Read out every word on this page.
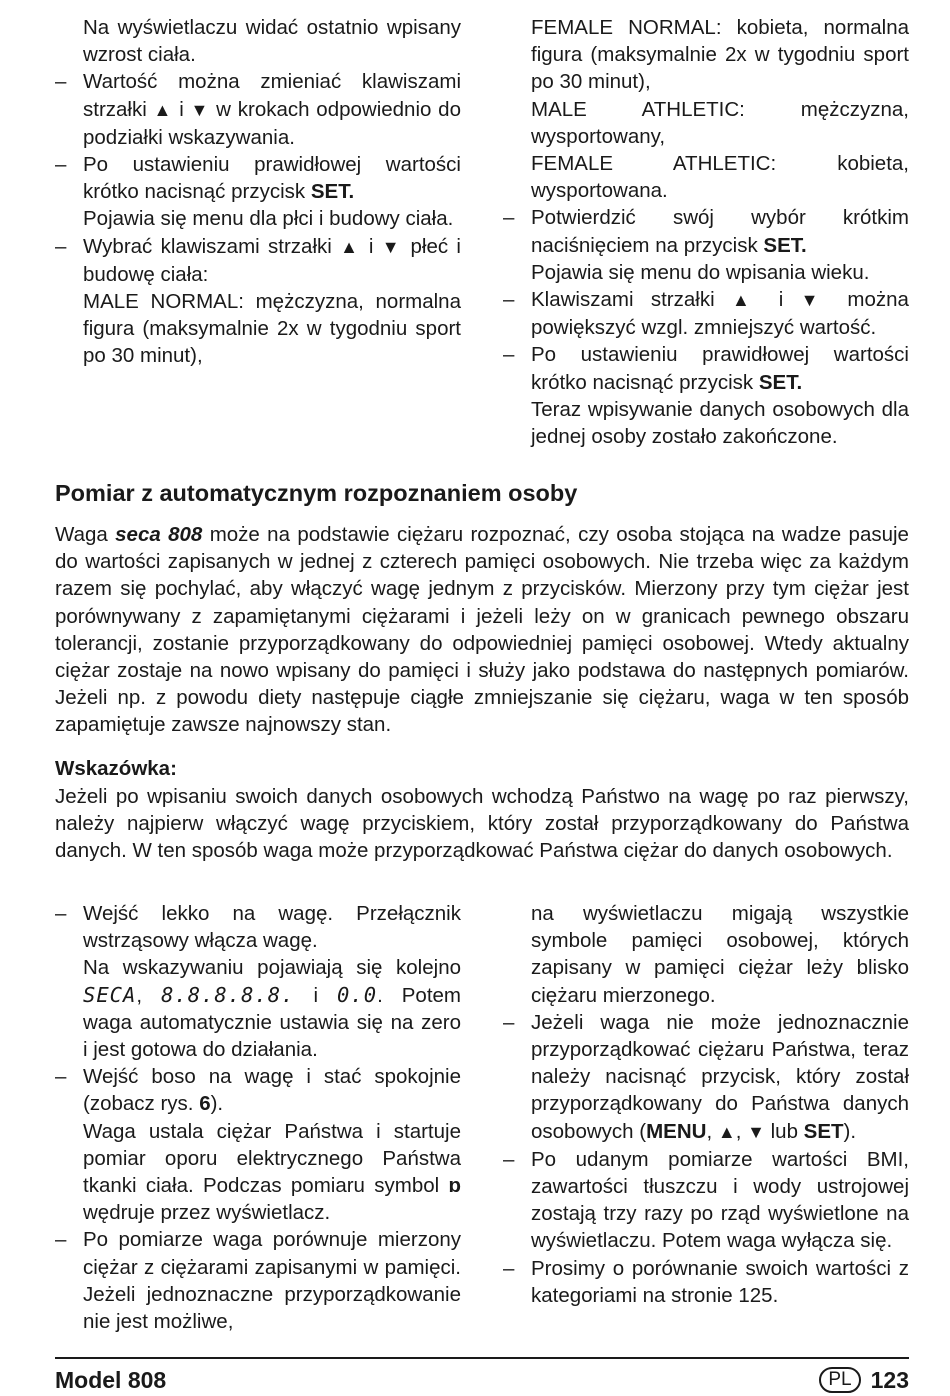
Na wyświetlaczu widać ostatnio wpisany wzrost ciała.

– Wartość można zmieniać klawiszami strzałki ▲ i ▼ w krokach odpowiednio do podziałki wskazywania.

– Po ustawieniu prawidłowej wartości krótko nacisnąć przycisk SET.

Pojawia się menu dla płci i budowy ciała.

– Wybrać klawiszami strzałki ▲ i ▼ płeć i budowę ciała:

MALE NORMAL: mężczyzna, normalna figura (maksymalnie 2x w tygodniu sport po 30 minut),

FEMALE NORMAL: kobieta, normalna figura (maksymalnie 2x w tygodniu sport po 30 minut),

MALE ATHLETIC: mężczyzna, wysportowany,

FEMALE ATHLETIC: kobieta, wysportowana.

– Potwierdzić swój wybór krótkim naciśnięciem na przycisk SET.

Pojawia się menu do wpisania wieku.

– Klawiszami strzałki ▲ i ▼ można powiększyć wzgl. zmniejszyć wartość.

– Po ustawieniu prawidłowej wartości krótko nacisnąć przycisk SET.

Teraz wpisywanie danych osobowych dla jednej osoby zostało zakończone.

Pomiar z automatycznym rozpoznaniem osoby

Waga seca 808 może na podstawie ciężaru rozpoznać, czy osoba stojąca na wadze pasuje do wartości zapisanych w jednej z czterech pamięci osobowych. Nie trzeba więc za każdym razem się pochylać, aby włączyć wagę jednym z przycisków. Mierzony przy tym ciężar jest porównywany z zapamiętanymi ciężarami i jeżeli leży on w granicach pewnego obszaru tolerancji, zostanie przyporządkowany do odpowiedniej pamięci osobowej. Wtedy aktualny ciężar zostaje na nowo wpisany do pamięci i służy jako podstawa do następnych pomiarów. Jeżeli np. z powodu diety następuje ciągłe zmniejszanie się ciężaru, waga w ten sposób zapamiętuje zawsze najnowszy stan.

Wskazówka:

Jeżeli po wpisaniu swoich danych osobowych wchodzą Państwo na wagę po raz pierwszy, należy najpierw włączyć wagę przyciskiem, który został przyporządkowany do Państwa danych. W ten sposób waga może przyporządkować Państwa ciężar do danych osobowych.

– Wejść lekko na wagę. Przełącznik wstrząsowy włącza wagę.

Na wskazywaniu pojawiają się kolejno SECA, 8.8.8.8.8. i 0.0. Potem waga automatycznie ustawia się na zero i jest gotowa do działania.

– Wejść boso na wagę i stać spokojnie (zobacz rys. 6).

Waga ustala ciężar Państwa i startuje pomiar oporu elektrycznego Państwa tkanki ciała. Podczas pomiaru symbol ɒ wędruje przez wyświetlacz.

– Po pomiarze waga porównuje mierzony ciężar z ciężarami zapisanymi w pamięci. Jeżeli jednoznaczne przyporządkowanie nie jest możliwe,

na wyświetlaczu migają wszystkie symbole pamięci osobowej, których zapisany w pamięci ciężar leży blisko ciężaru mierzonego.

– Jeżeli waga nie może jednoznacznie przyporządkować ciężaru Państwa, teraz należy nacisnąć przycisk, który został przyporządkowany do Państwa danych osobowych (MENU, ▲, ▼ lub SET).

– Po udanym pomiarze wartości BMI, zawartości tłuszczu i wody ustrojowej zostają trzy razy po rząd wyświetlone na wyświetlaczu. Potem waga wyłącza się.

– Prosimy o porównanie swoich wartości z kategoriami na stronie 125.

Model 808	PL 123
